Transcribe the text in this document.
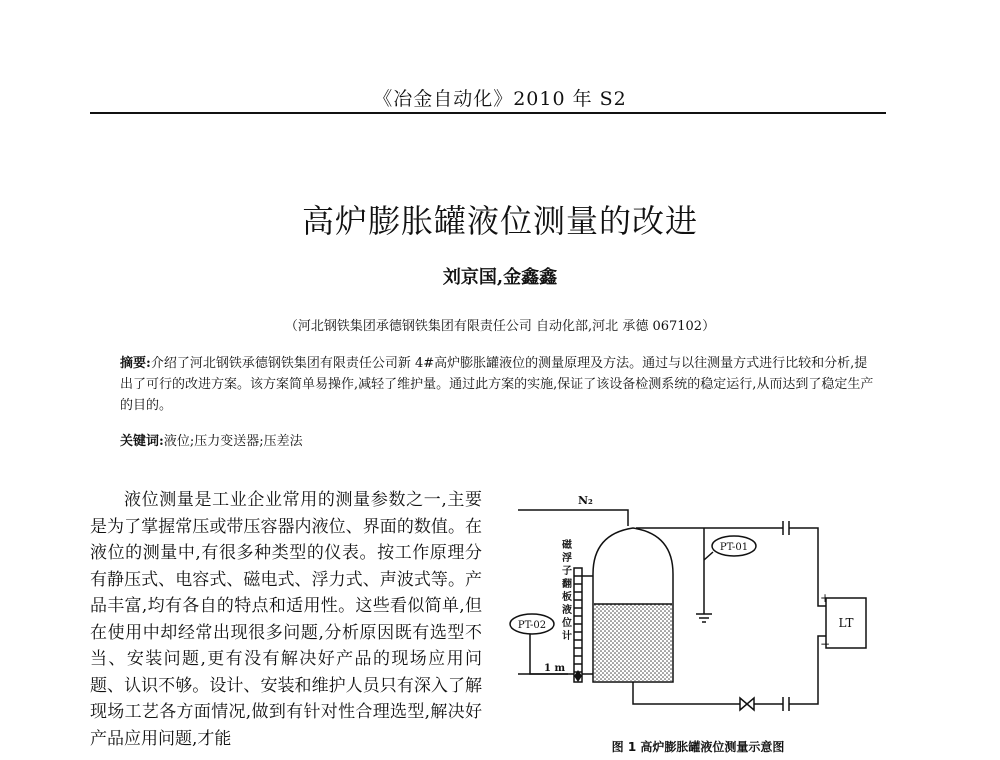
《冶金自动化》2010 年 S2
高炉膨胀罐液位测量的改进
刘京国,金鑫鑫
（河北钢铁集团承德钢铁集团有限责任公司 自动化部,河北 承德 067102）
摘要:介绍了河北钢铁承德钢铁集团有限责任公司新 4#高炉膨胀罐液位的测量原理及方法。通过与以往测量方式进行比较和分析,提出了可行的改进方案。该方案简单易操作,减轻了维护量。通过此方案的实施,保证了该设备检测系统的稳定运行,从而达到了稳定生产的目的。
关键词:液位;压力变送器;压差法
液位测量是工业企业常用的测量参数之一,主要是为了掌握常压或带压容器内液位、界面的数值。在液位的测量中,有很多种类型的仪表。按工作原理分有静压式、电容式、磁电式、浮力式、声波式等。产品丰富,均有各自的特点和适用性。这些看似简单,但在使用中却经常出现很多问题,分析原因既有选型不当、安装问题,更有没有解决好产品的现场应用问题、认识不够。设计、安装和维护人员只有深入了解现场工艺各方面情况,做到有针对性合理选型,解决好产品应用问题,才能
N₂
PT-01
PT-02	LT
+
−
1 m
磁
浮
子
翻
板
液
位
计
图 1 高炉膨胀罐液位测量示意图
